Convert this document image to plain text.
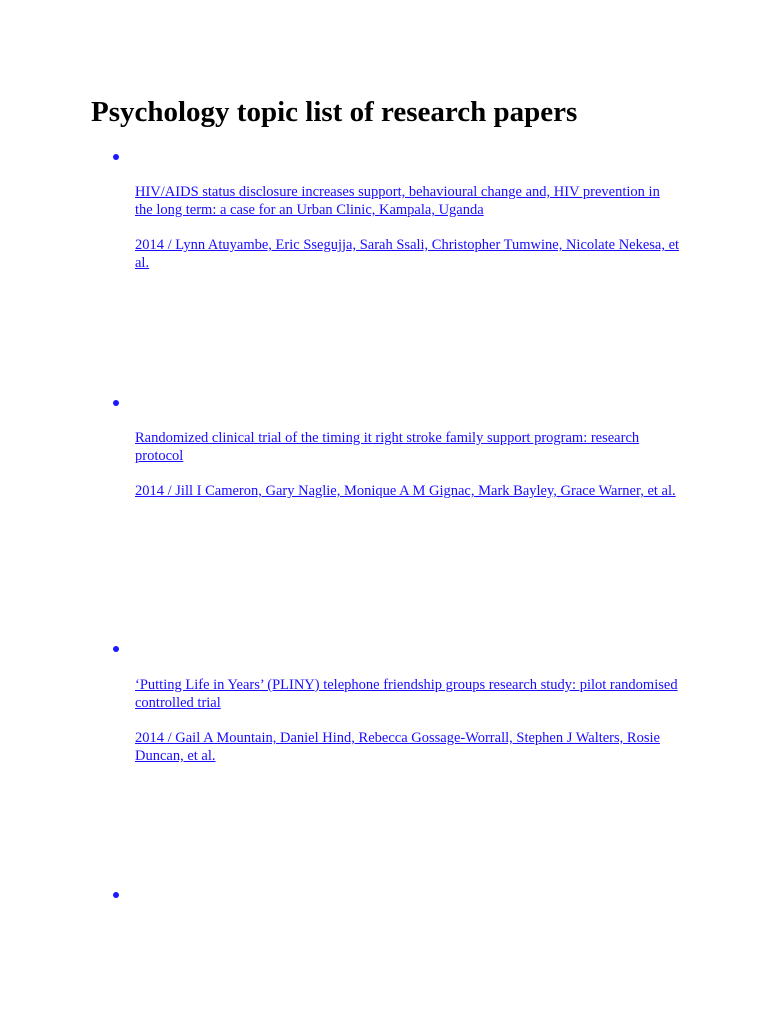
Psychology topic list of research papers
HIV/AIDS status disclosure increases support, behavioural change and, HIV prevention in the long term: a case for an Urban Clinic, Kampala, Uganda
2014 / Lynn Atuyambe, Eric Ssegujja, Sarah Ssali, Christopher Tumwine, Nicolate Nekesa, et al.
Randomized clinical trial of the timing it right stroke family support program: research protocol
2014 / Jill I Cameron, Gary Naglie, Monique A M Gignac, Mark Bayley, Grace Warner, et al.
‘Putting Life in Years’ (PLINY) telephone friendship groups research study: pilot randomised controlled trial
2014 / Gail A Mountain, Daniel Hind, Rebecca Gossage-Worrall, Stephen J Walters, Rosie Duncan, et al.
